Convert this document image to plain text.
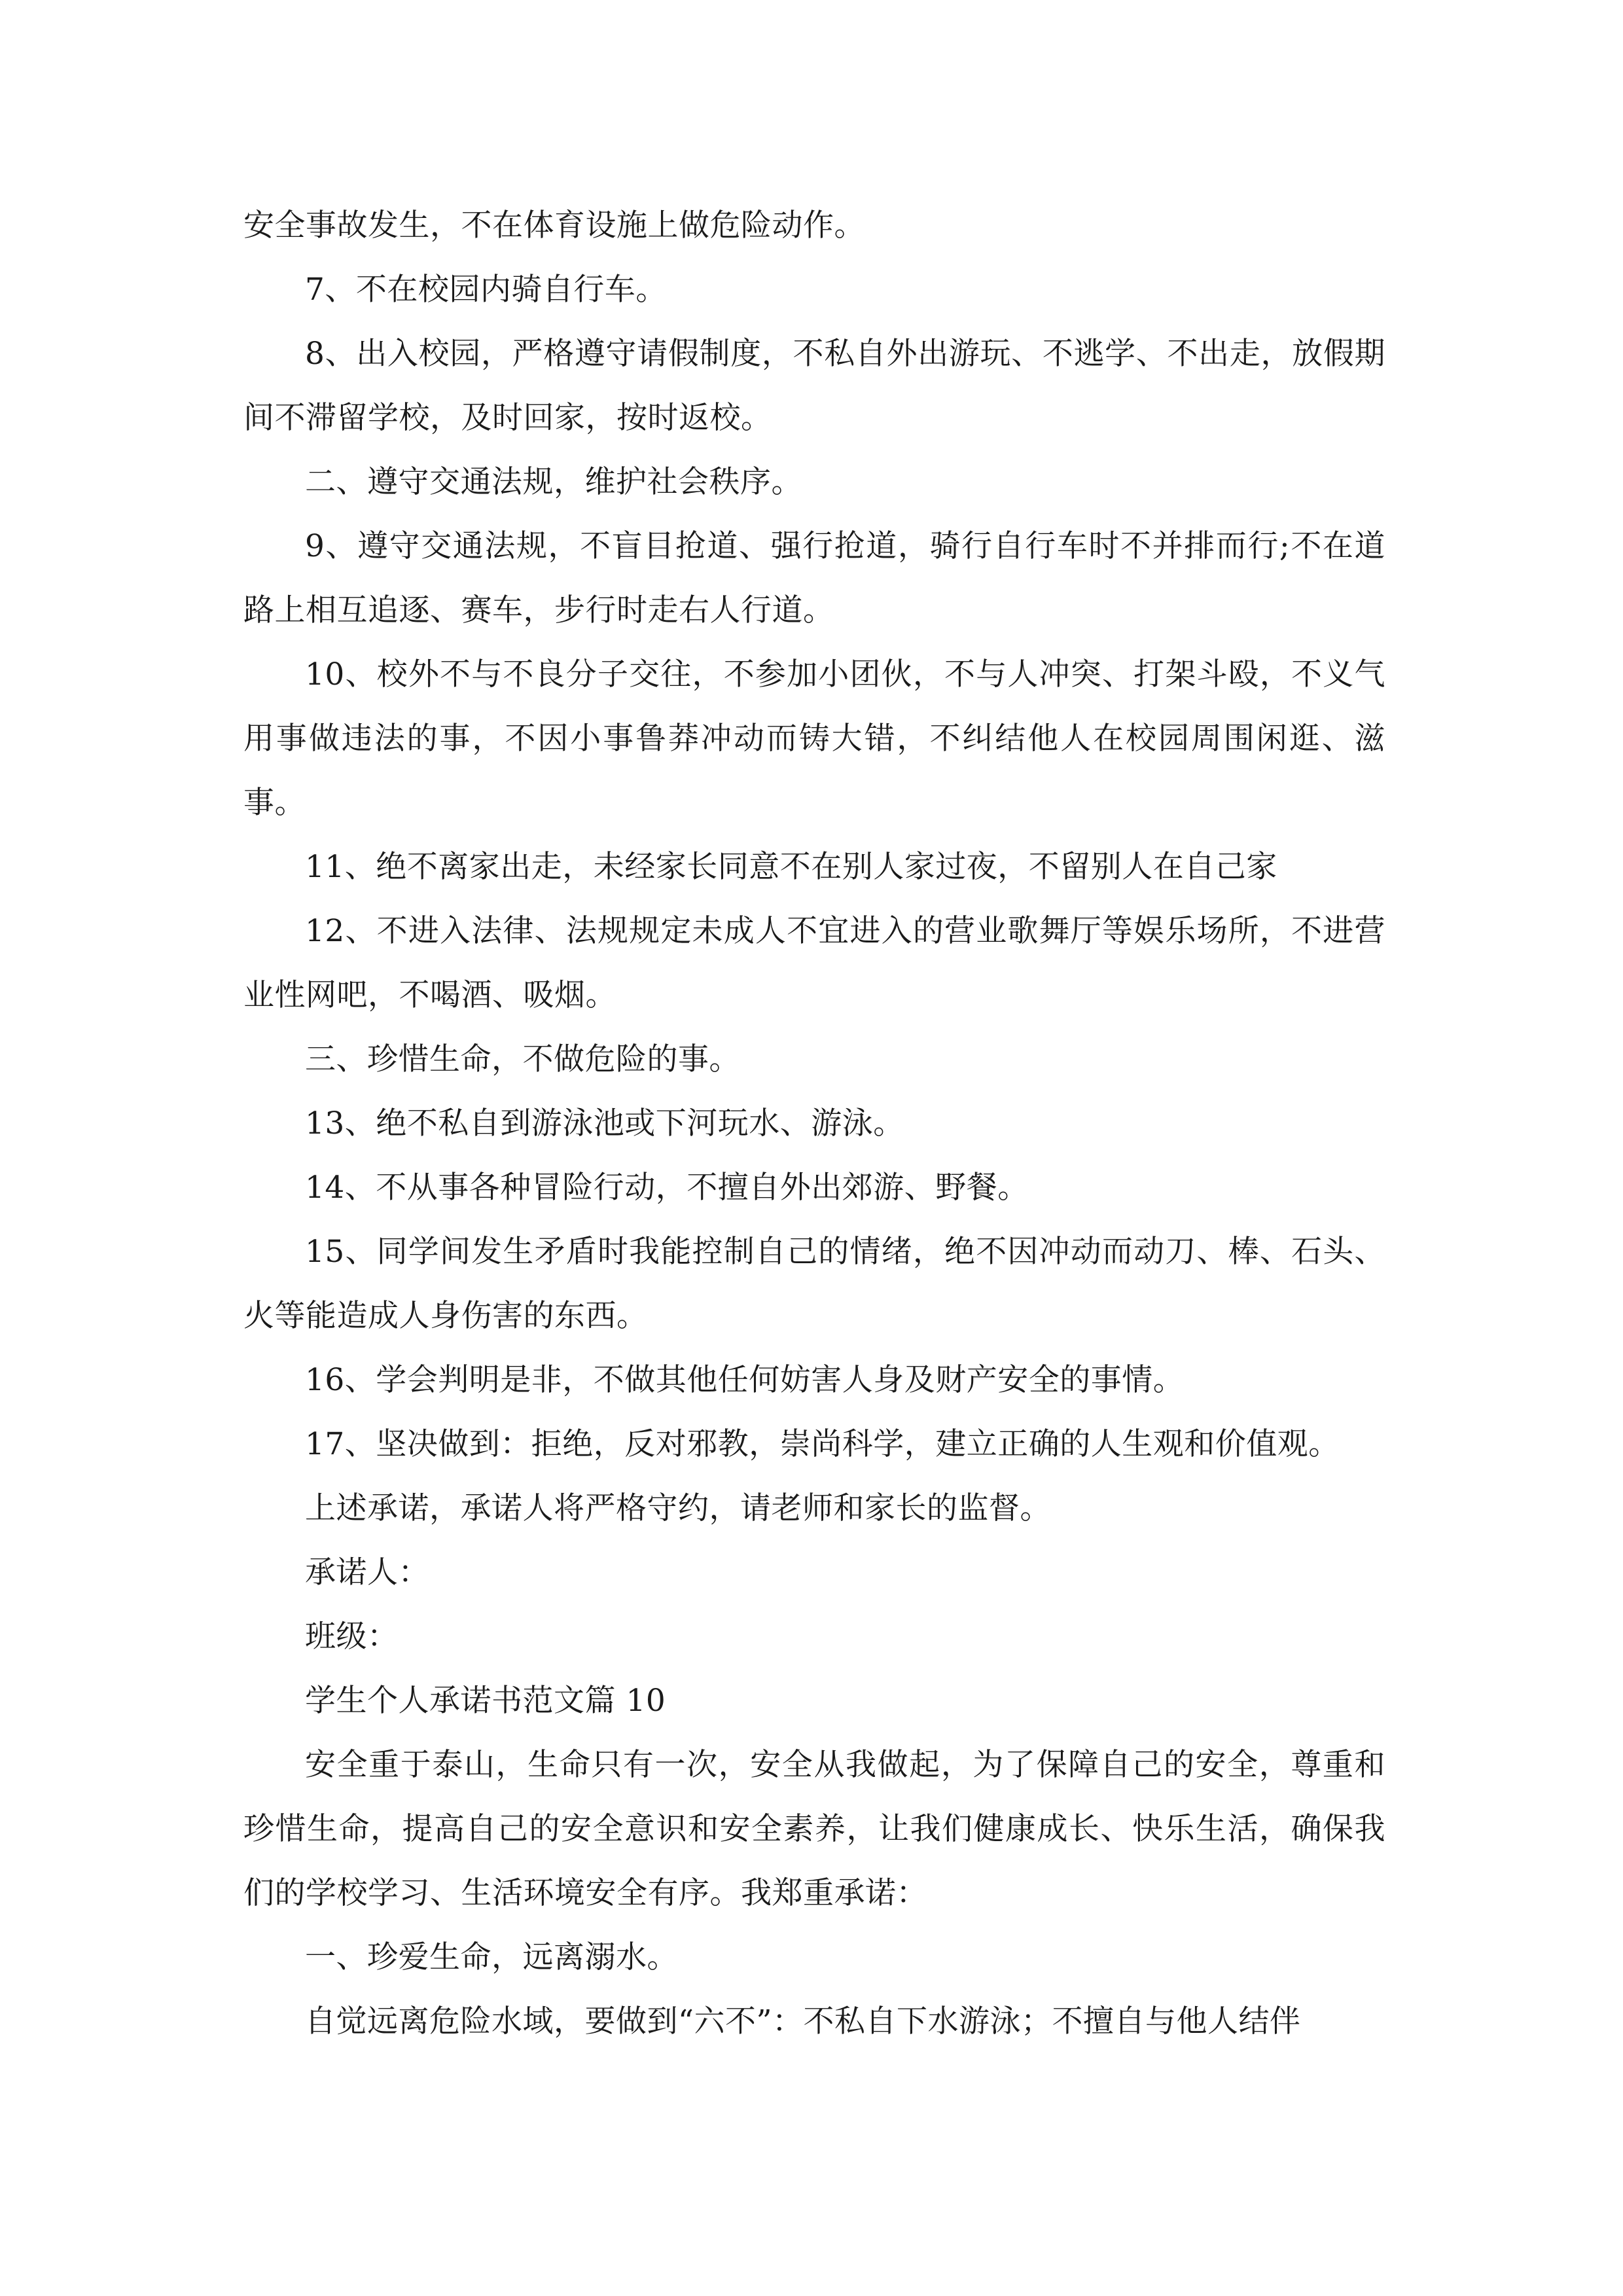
安全事故发生，不在体育设施上做危险动作。

7、不在校园内骑自行车。

8、出入校园，严格遵守请假制度，不私自外出游玩、不逃学、不出走，放假期间不滞留学校，及时回家，按时返校。

二、遵守交通法规，维护社会秩序。

9、遵守交通法规，不盲目抢道、强行抢道，骑行自行车时不并排而行;不在道路上相互追逐、赛车，步行时走右人行道。

10、校外不与不良分子交往，不参加小团伙，不与人冲突、打架斗殴，不义气用事做违法的事，不因小事鲁莽冲动而铸大错，不纠结他人在校园周围闲逛、滋事。

11、绝不离家出走，未经家长同意不在别人家过夜，不留别人在自己家

12、不进入法律、法规规定未成人不宜进入的营业歌舞厅等娱乐场所，不进营业性网吧，不喝酒、吸烟。

三、珍惜生命，不做危险的事。

13、绝不私自到游泳池或下河玩水、游泳。

14、不从事各种冒险行动，不擅自外出郊游、野餐。

15、同学间发生矛盾时我能控制自己的情绪，绝不因冲动而动刀、棒、石头、火等能造成人身伤害的东西。

16、学会判明是非，不做其他任何妨害人身及财产安全的事情。

17、坚决做到：拒绝，反对邪教，崇尚科学，建立正确的人生观和价值观。

上述承诺，承诺人将严格守约，请老师和家长的监督。

承诺人：

班级：

学生个人承诺书范文篇 10

安全重于泰山，生命只有一次，安全从我做起，为了保障自己的安全，尊重和珍惜生命，提高自己的安全意识和安全素养，让我们健康成长、快乐生活，确保我们的学校学习、生活环境安全有序。我郑重承诺：

一、珍爱生命，远离溺水。

自觉远离危险水域，要做到“六不”：不私自下水游泳；不擅自与他人结伴
